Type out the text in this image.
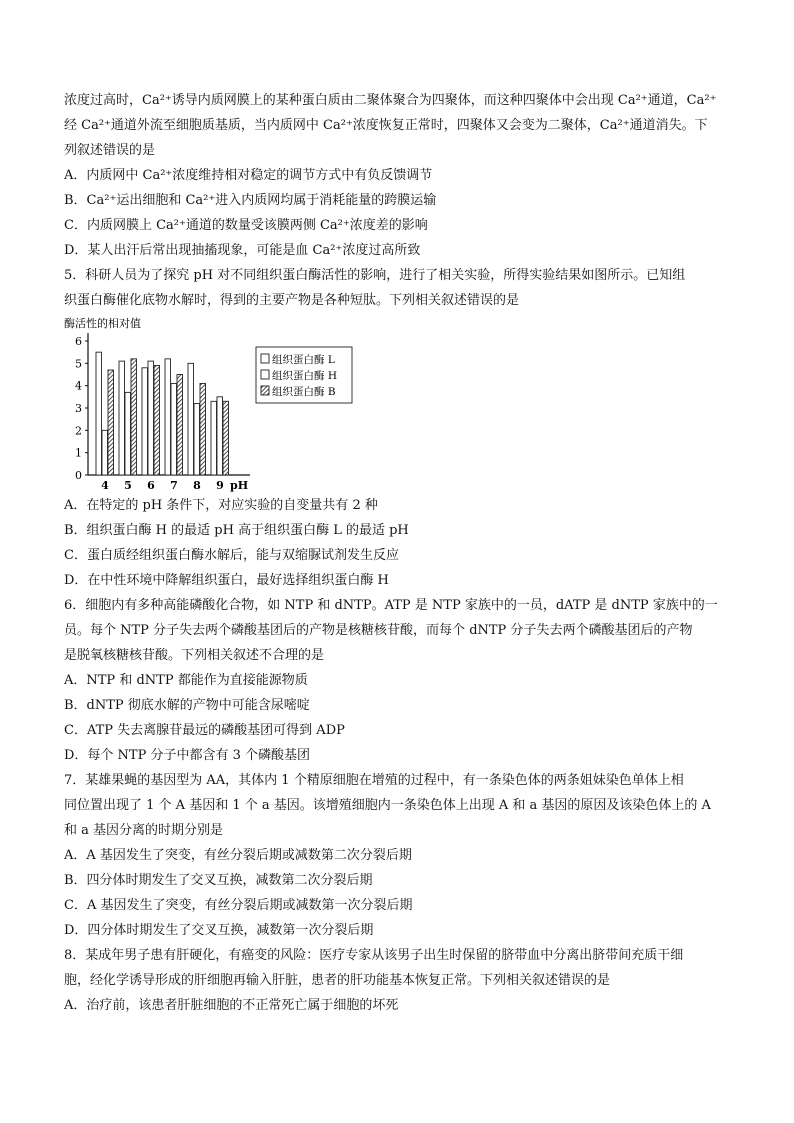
浓度过高时，Ca²⁺诱导内质网膜上的某种蛋白质由二聚体聚合为四聚体，而这种四聚体中会出现 Ca²⁺通道，Ca²⁺
经 Ca²⁺通道外流至细胞质基质，当内质网中 Ca²⁺浓度恢复正常时，四聚体又会变为二聚体，Ca²⁺通道消失。下
列叙述错误的是
A．内质网中 Ca²⁺浓度维持相对稳定的调节方式中有负反馈调节
B．Ca²⁺运出细胞和 Ca²⁺进入内质网均属于消耗能量的跨膜运输
C．内质网膜上 Ca²⁺通道的数量受该膜两侧 Ca²⁺浓度差的影响
D．某人出汗后常出现抽搐现象，可能是血 Ca²⁺浓度过高所致
5．科研人员为了探究 pH 对不同组织蛋白酶活性的影响，进行了相关实验，所得实验结果如图所示。已知组
织蛋白酶催化底物水解时，得到的主要产物是各种短肽。下列相关叙述错误的是
酶活性的相对值
0
1
2
3
4
5
6
4 5 6 7 8 9 pH
组织蛋白酶 L
组织蛋白酶 H
组织蛋白酶 B
A．在特定的 pH 条件下，对应实验的自变量共有 2 种
B．组织蛋白酶 H 的最适 pH 高于组织蛋白酶 L 的最适 pH
C．蛋白质经组织蛋白酶水解后，能与双缩脲试剂发生反应
D．在中性环境中降解组织蛋白，最好选择组织蛋白酶 H
6．细胞内有多种高能磷酸化合物，如 NTP 和 dNTP。ATP 是 NTP 家族中的一员，dATP 是 dNTP 家族中的一
员。每个 NTP 分子失去两个磷酸基团后的产物是核糖核苷酸，而每个 dNTP 分子失去两个磷酸基团后的产物
是脱氧核糖核苷酸。下列相关叙述不合理的是
A．NTP 和 dNTP 都能作为直接能源物质
B．dNTP 彻底水解的产物中可能含尿嘧啶
C．ATP 失去离腺苷最远的磷酸基团可得到 ADP
D．每个 NTP 分子中都含有 3 个磷酸基团
7．某雄果蝇的基因型为 AA，其体内 1 个精原细胞在增殖的过程中，有一条染色体的两条姐妹染色单体上相
同位置出现了 1 个 A 基因和 1 个 a 基因。该增殖细胞内一条染色体上出现 A 和 a 基因的原因及该染色体上的 A
和 a 基因分离的时期分别是
A．A 基因发生了突变，有丝分裂后期或减数第二次分裂后期
B．四分体时期发生了交叉互换，减数第二次分裂后期
C．A 基因发生了突变，有丝分裂后期或减数第一次分裂后期
D．四分体时期发生了交叉互换，减数第一次分裂后期
8．某成年男子患有肝硬化，有癌变的风险：医疗专家从该男子出生时保留的脐带血中分离出脐带间充质干细
胞，经化学诱导形成的肝细胞再输入肝脏，患者的肝功能基本恢复正常。下列相关叙述错误的是
A．治疗前，该患者肝脏细胞的不正常死亡属于细胞的坏死
